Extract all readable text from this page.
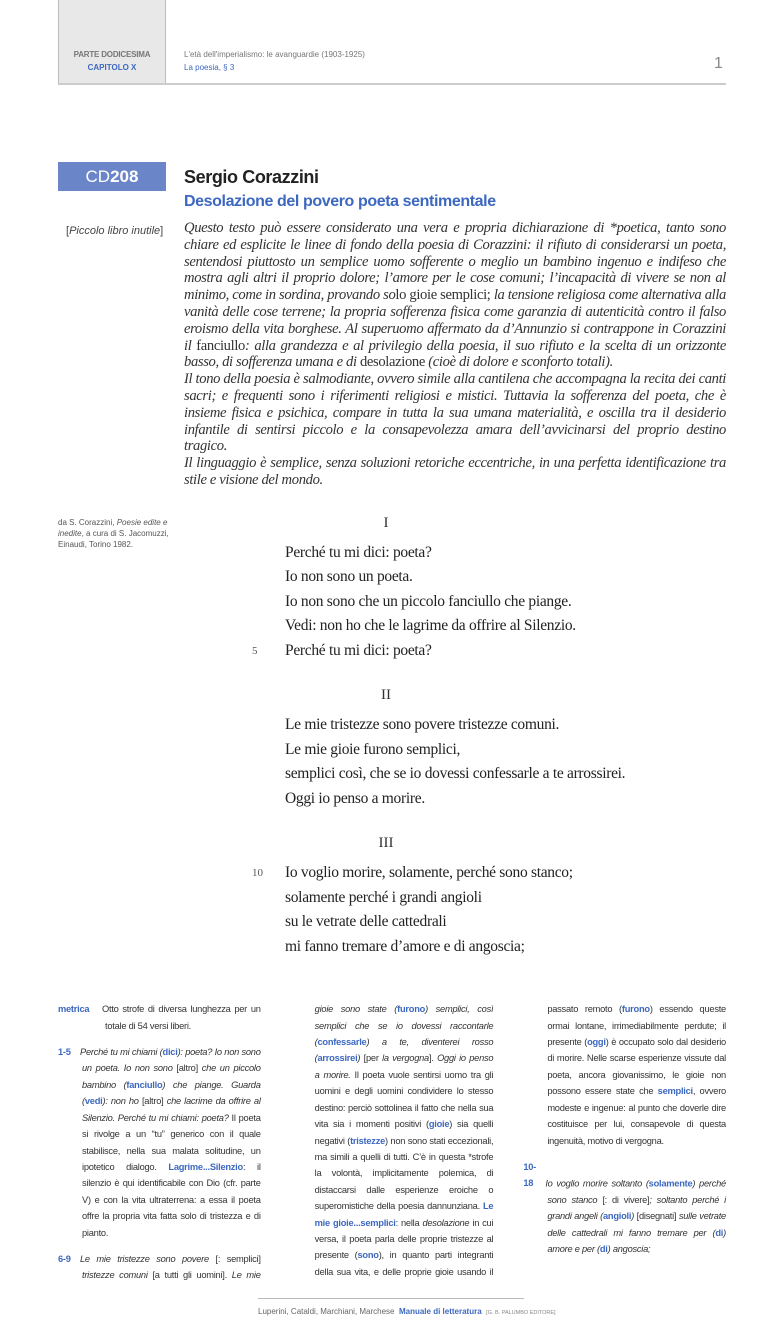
PARTE DODICESIMA
CAPITOLO X
L'età dell'imperialismo: le avanguardie (1903-1925)
La poesia, § 3	1
CD208	Sergio Corazzini
Desolazione del povero poeta sentimentale
[Piccolo libro inutile]	Questo testo può essere considerato una vera e propria dichiarazione di *poetica, tanto sono chiare ed esplicite le linee di fondo della poesia di Corazzini: il rifiuto di considerarsi un poeta, sentendosi piuttosto un semplice uomo sofferente o meglio un bambino ingenuo e indifeso che mostra agli altri il proprio dolore; l’amore per le cose comuni; l’incapacità di vivere se non al minimo, come in sordina, provando solo gioie semplici; la tensione religiosa come alternativa alla vanità delle cose terrene; la propria sofferenza fisica come garanzia di autenticità contro il falso eroismo della vita borghese. Al superuomo affermato da d’Annunzio si contrappone in Corazzini il fanciullo: alla grandezza e al privilegio della poesia, il suo rifiuto e la scelta di un orizzonte basso, di sofferenza umana e di desolazione (cioè di dolore e sconforto totali).

Il tono della poesia è salmodiante, ovvero simile alla cantilena che accompagna la recita dei canti sacri; e frequenti sono i riferimenti religiosi e mistici. Tuttavia la sofferenza del poeta, che è insieme fisica e psichica, compare in tutta la sua umana materialità, e oscilla tra il desiderio infantile di sentirsi piccolo e la consapevolezza amara dell’avvicinarsi del proprio destino tragico.

Il linguaggio è semplice, senza soluzioni retoriche eccentriche, in una perfetta identificazione tra stile e visione del mondo.

da S. Corazzini, Poesie edite e inedite, a cura di S. Jacomuzzi, Einaudi, Torino 1982.
I
Perché tu mi dici: poeta?
Io non sono un poeta.
Io non sono che un piccolo fanciullo che piange.
Vedi: non ho che le lagrime da offrire al Silenzio.
5	Perché tu mi dici: poeta?
II
Le mie tristezze sono povere tristezze comuni.
Le mie gioie furono semplici,
semplici così, che se io dovessi confessarle a te arrossirei.
Oggi io penso a morire.
III
10	Io voglio morire, solamente, perché sono stanco;
solamente perché i grandi angioli
su le vetrate delle cattedrali
mi fanno tremare d’amore e di angoscia;

metrica Otto strofe di diversa lunghezza per un totale di 54 versi liberi.

1-5 Perché tu mi chiami (dici): poeta? Io non sono un poeta. Io non sono [altro] che un piccolo bambino (fanciullo) che piange. Guarda (vedi): non ho [altro] che lacrime da offrire al Silenzio. Perché tu mi chiami: poeta? Il poeta si rivolge a un “tu” generico con il quale stabilisce, nella sua malata solitudine, un ipotetico dialogo. Lagrime...Silenzio: il silenzio è qui identificabile con Dio (cfr. parte V) e con la vita ultraterrena: a essa il poeta offre la propria vita fatta solo di tristezza e di pianto.

6-9 Le mie tristezze sono povere [: semplici] tristezze comuni [a tutti gli uomini]. Le mie gioie sono state (furono) semplici, così semplici che se io dovessi raccontarle (confessarle) a te, diventerei rosso (arrossirei) [per la vergogna]. Oggi io penso a morire. Il poeta vuole sentirsi uomo tra gli uomini e degli uomini condividere lo stesso destino: perciò sottolinea il fatto che nella sua vita sia i momenti positivi (gioie) sia quelli negativi (tristezze) non sono stati eccezionali, ma simili a quelli di tutti. C’è in questa *strofe la volontà, implicitamente polemica, di distaccarsi dalle esperienze eroiche o superomistiche della poesia dannunziana. Le mie gioie...semplici: nella desolazione in cui versa, il poeta parla delle proprie tristezze al presente (sono), in quanto parti integranti della sua vita, e delle proprie gioie usando il passato remoto (furono) essendo queste ormai lontane, irrimediabilmente perdute; il presente (oggi) è occupato solo dal desiderio di morire. Nelle scarse esperienze vissute dal poeta, ancora giovanissimo, le gioie non possono essere state che semplici, ovvero modeste e ingenue: al punto che doverle dire costituisce per lui, consapevole di questa ingenuità, motivo di vergogna.

10-18 Io voglio morire soltanto (solamente) perché sono stanco [: di vivere]; soltanto perché i grandi angeli (angioli) [disegnati] sulle vetrate delle cattedrali mi fanno tremare per (di) amore e per (di) angoscia;

Luperini, Cataldi, Marchiani, Marchese Manuale di letteratura [G. B. PALUMBO EDITORE]
